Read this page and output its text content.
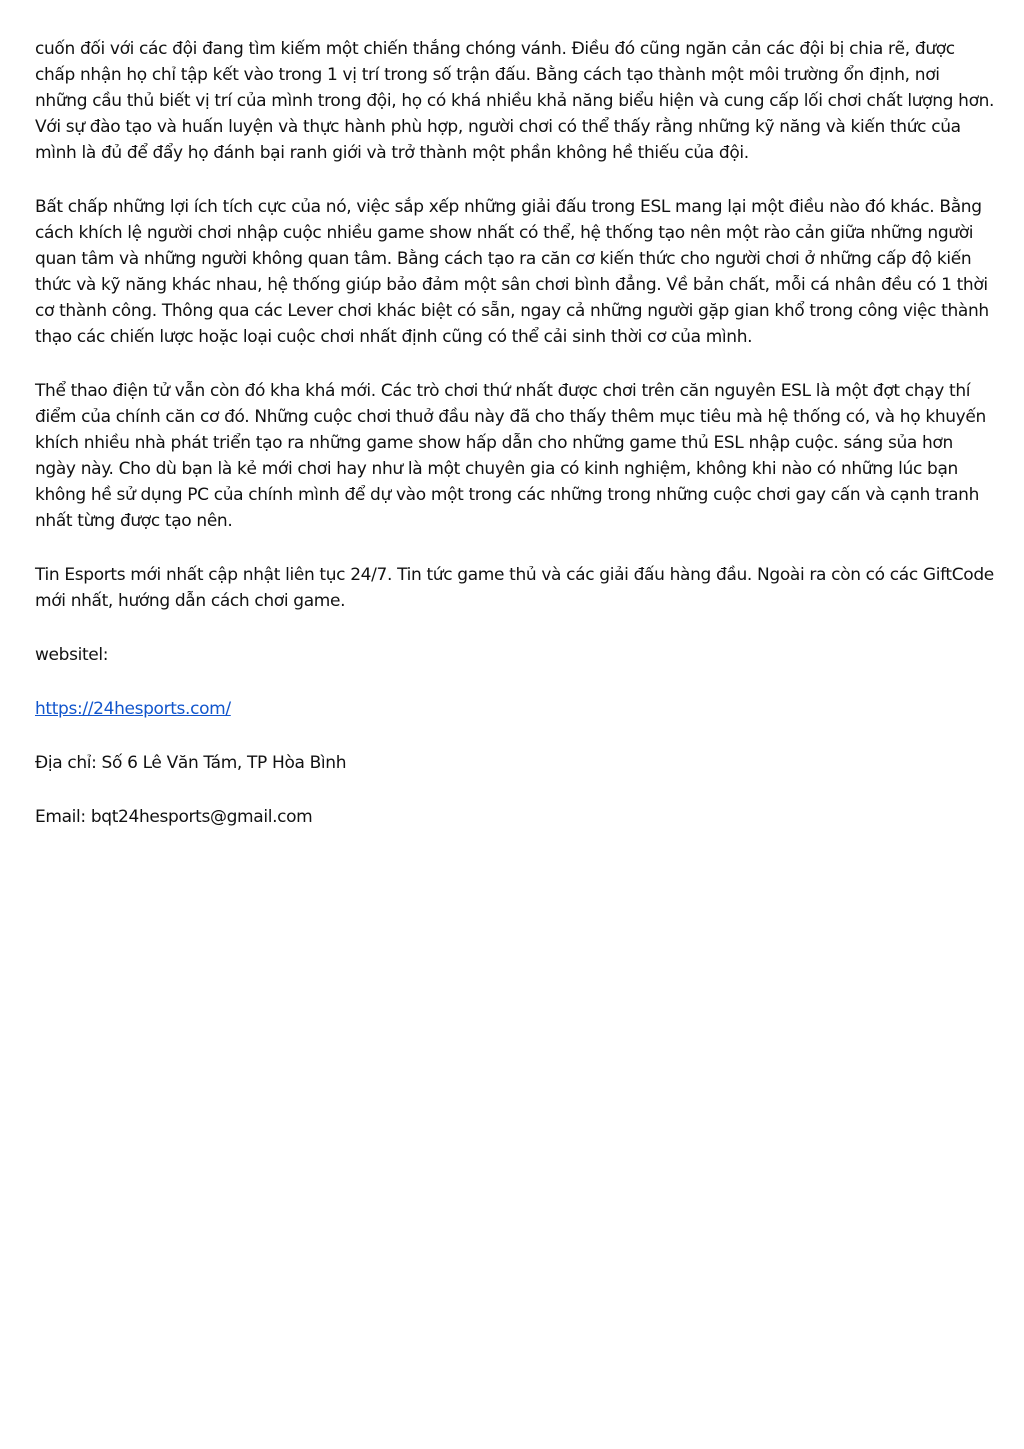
cuốn đối với các đội đang tìm kiếm một chiến thắng chóng vánh. Điều đó cũng ngăn cản các đội bị chia rẽ, được chấp nhận họ chỉ tập kết vào trong 1 vị trí trong số trận đấu. Bằng cách tạo thành một môi trường ổn định, nơi những cầu thủ biết vị trí của mình trong đội, họ có khá nhiều khả năng biểu hiện và cung cấp lối chơi chất lượng hơn. Với sự đào tạo và huấn luyện và thực hành phù hợp, người chơi có thể thấy rằng những kỹ năng và kiến thức của mình là đủ để đẩy họ đánh bại ranh giới và trở thành một phần không hề thiếu của đội.

Bất chấp những lợi ích tích cực của nó, việc sắp xếp những giải đấu trong ESL mang lại một điều nào đó khác. Bằng cách khích lệ người chơi nhập cuộc nhiều game show nhất có thể, hệ thống tạo nên một rào cản giữa những người quan tâm và những người không quan tâm. Bằng cách tạo ra căn cơ kiến thức cho người chơi ở những cấp độ kiến thức và kỹ năng khác nhau, hệ thống giúp bảo đảm một sân chơi bình đẳng. Về bản chất, mỗi cá nhân đều có 1 thời cơ thành công. Thông qua các Lever chơi khác biệt có sẵn, ngay cả những người gặp gian khổ trong công việc thành thạo các chiến lược hoặc loại cuộc chơi nhất định cũng có thể cải sinh thời cơ của mình.

Thể thao điện tử vẫn còn đó kha khá mới. Các trò chơi thứ nhất được chơi trên căn nguyên ESL là một đợt chạy thí điểm của chính căn cơ đó. Những cuộc chơi thuở đầu này đã cho thấy thêm mục tiêu mà hệ thống có, và họ khuyến khích nhiều nhà phát triển tạo ra những game show hấp dẫn cho những game thủ ESL nhập cuộc. sáng sủa hơn ngày này. Cho dù bạn là kẻ mới chơi hay như là một chuyên gia có kinh nghiệm, không khi nào có những lúc bạn không hề sử dụng PC của chính mình để dự vào một trong các những trong những cuộc chơi gay cấn và cạnh tranh nhất từng được tạo nên.

Tin Esports mới nhất cập nhật liên tục 24/7. Tin tức game thủ và các giải đấu hàng đầu. Ngoài ra còn có các GiftCode mới nhất, hướng dẫn cách chơi game.

websitel:

https://24hesports.com/

Địa chỉ: Số 6 Lê Văn Tám, TP Hòa Bình

Email: bqt24hesports@gmail.com
